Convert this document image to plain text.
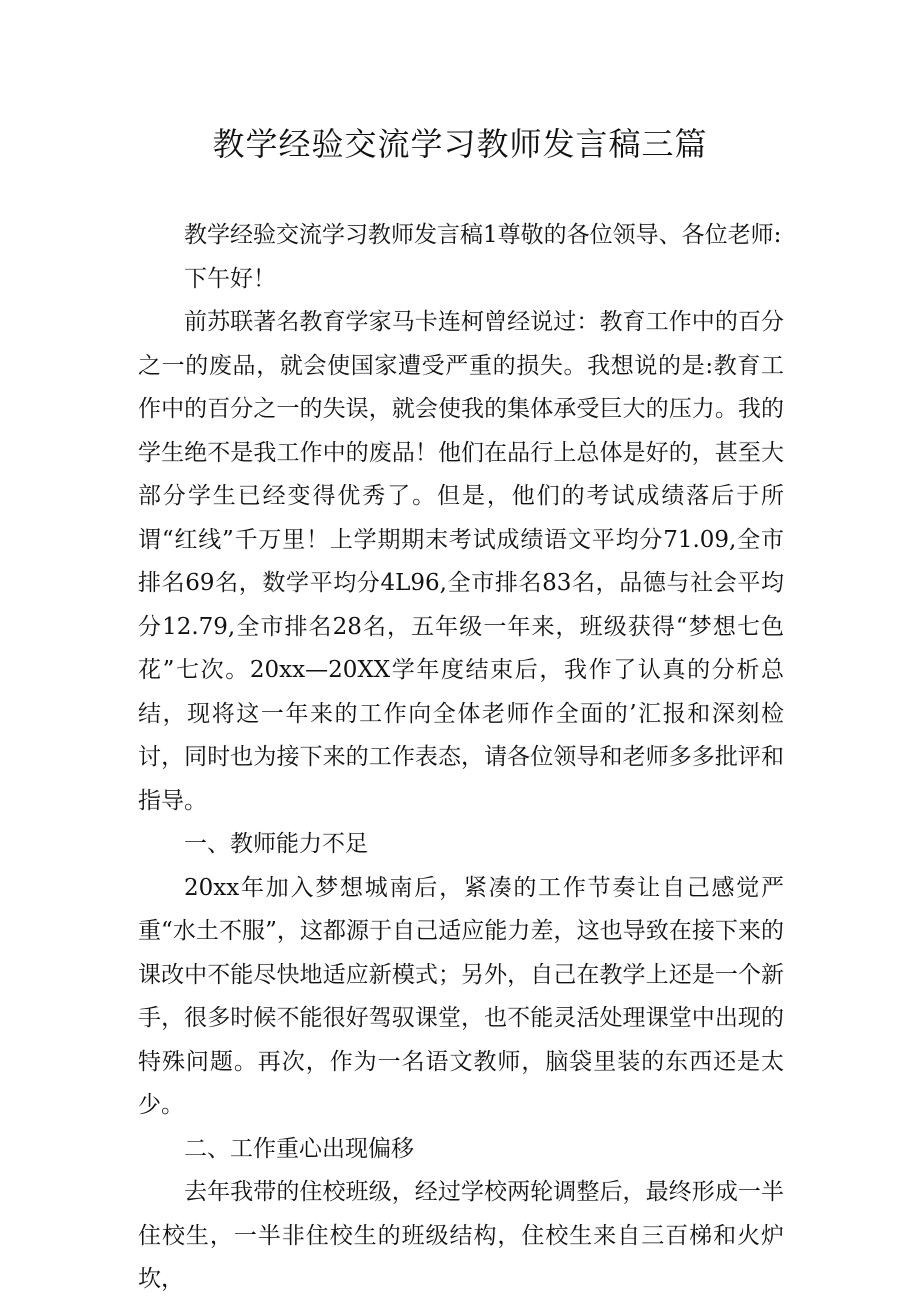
教学经验交流学习教师发言稿三篇

教学经验交流学习教师发言稿1尊敬的各位领导、各位老师:

下午好！

前苏联著名教育学家马卡连柯曾经说过：教育工作中的百分之一的废品，就会使国家遭受严重的损失。我想说的是:教育工作中的百分之一的失误，就会使我的集体承受巨大的压力。我的学生绝不是我工作中的废品！他们在品行上总体是好的，甚至大部分学生已经变得优秀了。但是，他们的考试成绩落后于所谓“红线”千万里！上学期期末考试成绩语文平均分71.09,全市排名69名，数学平均分4L96,全市排名83名，品德与社会平均分12.79,全市排名28名，五年级一年来，班级获得“梦想七色花”七次。20xx—20XX学年度结束后，我作了认真的分析总结，现将这一年来的工作向全体老师作全面的’汇报和深刻检讨，同时也为接下来的工作表态，请各位领导和老师多多批评和指导。

一、教师能力不足

20xx年加入梦想城南后，紧凑的工作节奏让自己感觉严重“水土不服”，这都源于自己适应能力差，这也导致在接下来的课改中不能尽快地适应新模式；另外，自己在教学上还是一个新手，很多时候不能很好驾驭课堂，也不能灵活处理课堂中出现的特殊问题。再次，作为一名语文教师，脑袋里装的东西还是太少。

二、工作重心出现偏移

去年我带的住校班级，经过学校两轮调整后，最终形成一半住校生，一半非住校生的班级结构，住校生来自三百梯和火炉坎，
